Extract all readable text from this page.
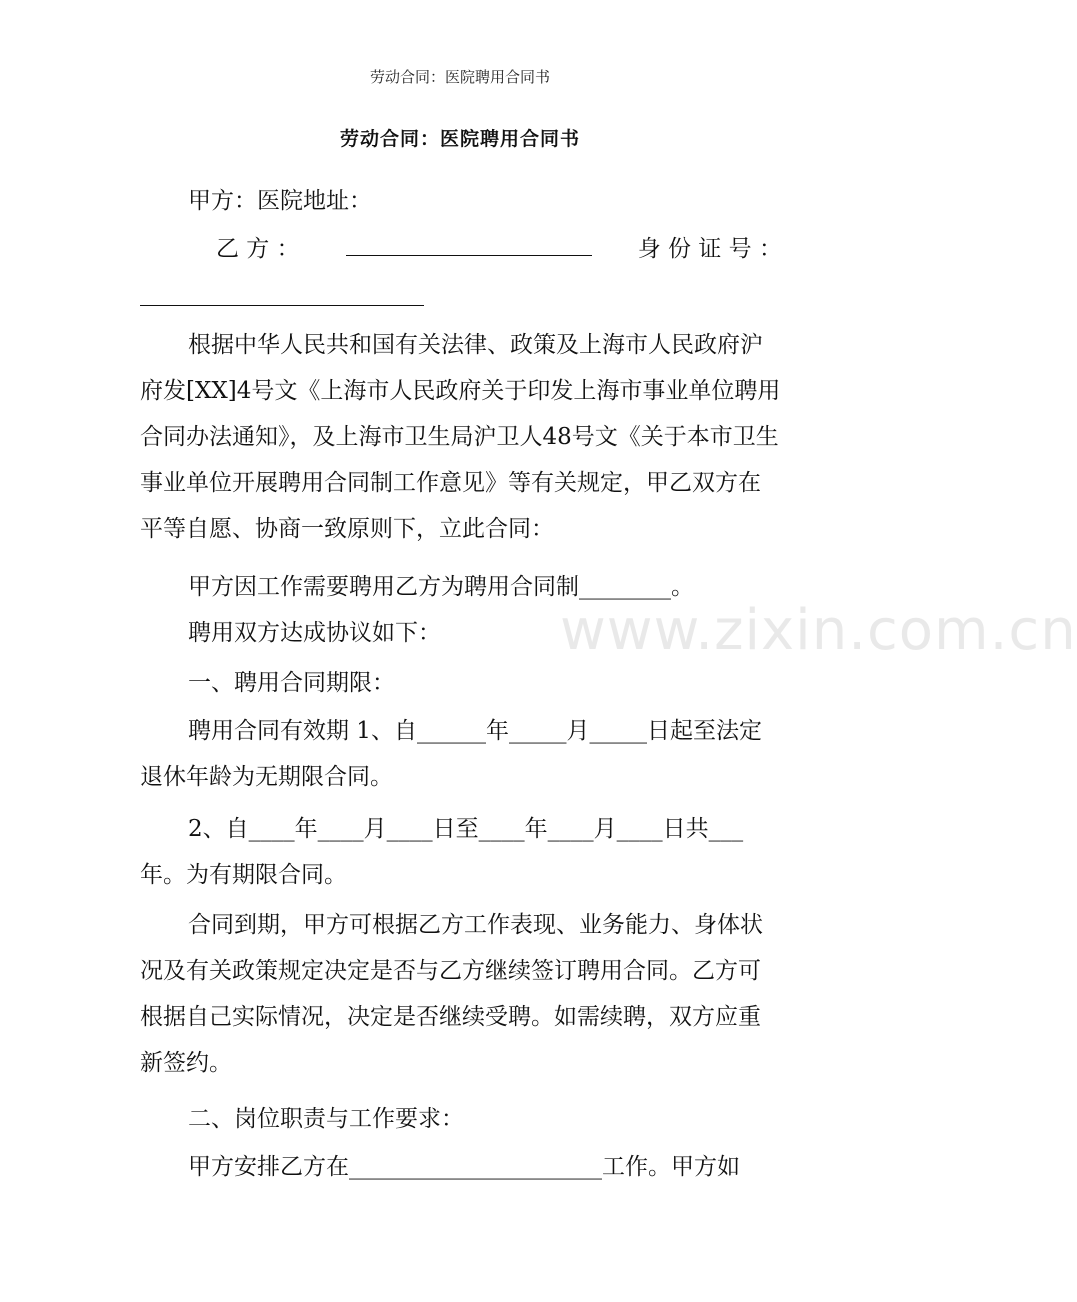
劳动合同：医院聘用合同书
劳动合同：医院聘用合同书

甲方：医院地址：

乙 方 ：	身 份 证 号 ：

根据中华人民共和国有关法律、政策及上海市人民政府沪府发[XX]4号文《上海市人民政府关于印发上海市事业单位聘用合同办法通知》，及上海市卫生局沪卫人48号文《关于本市卫生事业单位开展聘用合同制工作意见》等有关规定，甲乙双方在平等自愿、协商一致原则下，立此合同：

甲方因工作需要聘用乙方为聘用合同制________。

聘用双方达成协议如下：

一、聘用合同期限：

聘用合同有效期 1、自______年_____月_____日起至法定退休年龄为无期限合同。

2、自____年____月____日至____年____月____日共___年。为有期限合同。

合同到期，甲方可根据乙方工作表现、业务能力、身体状况及有关政策规定决定是否与乙方继续签订聘用合同。乙方可根据自己实际情况，决定是否继续受聘。如需续聘，双方应重新签约。

二、岗位职责与工作要求：

甲方安排乙方在______________________工作。甲方如

www.zixin.com.cn
